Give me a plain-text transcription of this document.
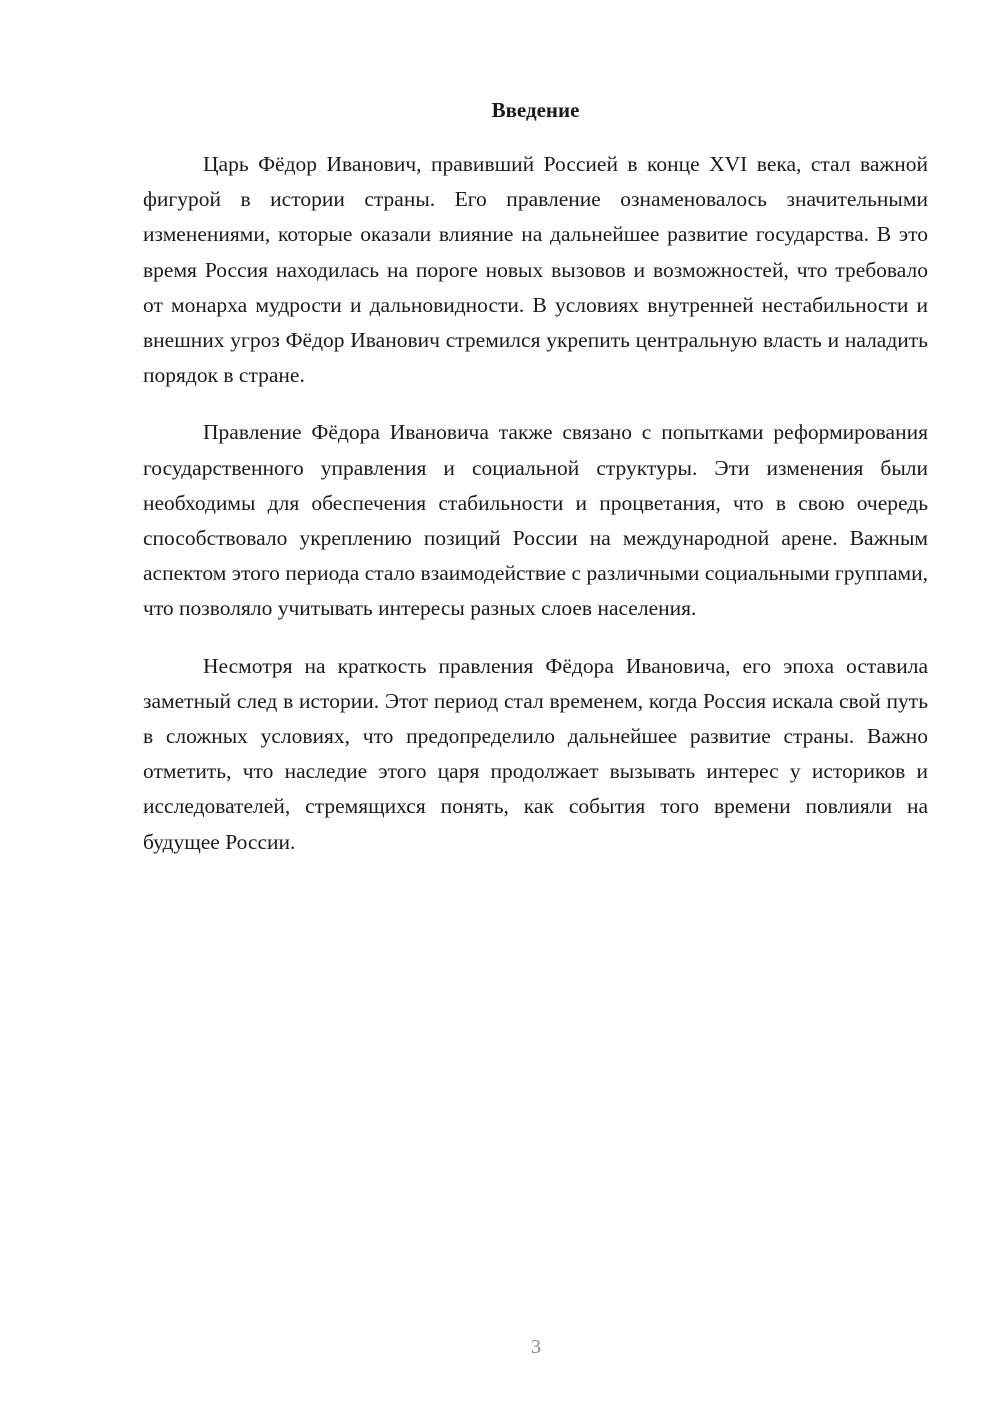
Введение

Царь Фёдор Иванович, правивший Россией в конце XVI века, стал важной фигурой в истории страны. Его правление ознаменовалось значительными изменениями, которые оказали влияние на дальнейшее развитие государства. В это время Россия находилась на пороге новых вызовов и возможностей, что требовало от монарха мудрости и дальновидности. В условиях внутренней нестабильности и внешних угроз Фёдор Иванович стремился укрепить центральную власть и наладить порядок в стране.

Правление Фёдора Ивановича также связано с попытками реформирования государственного управления и социальной структуры. Эти изменения были необходимы для обеспечения стабильности и процветания, что в свою очередь способствовало укреплению позиций России на международной арене. Важным аспектом этого периода стало взаимодействие с различными социальными группами, что позволяло учитывать интересы разных слоев населения.

Несмотря на краткость правления Фёдора Ивановича, его эпоха оставила заметный след в истории. Этот период стал временем, когда Россия искала свой путь в сложных условиях, что предопределило дальнейшее развитие страны. Важно отметить, что наследие этого царя продолжает вызывать интерес у историков и исследователей, стремящихся понять, как события того времени повлияли на будущее России.

3
